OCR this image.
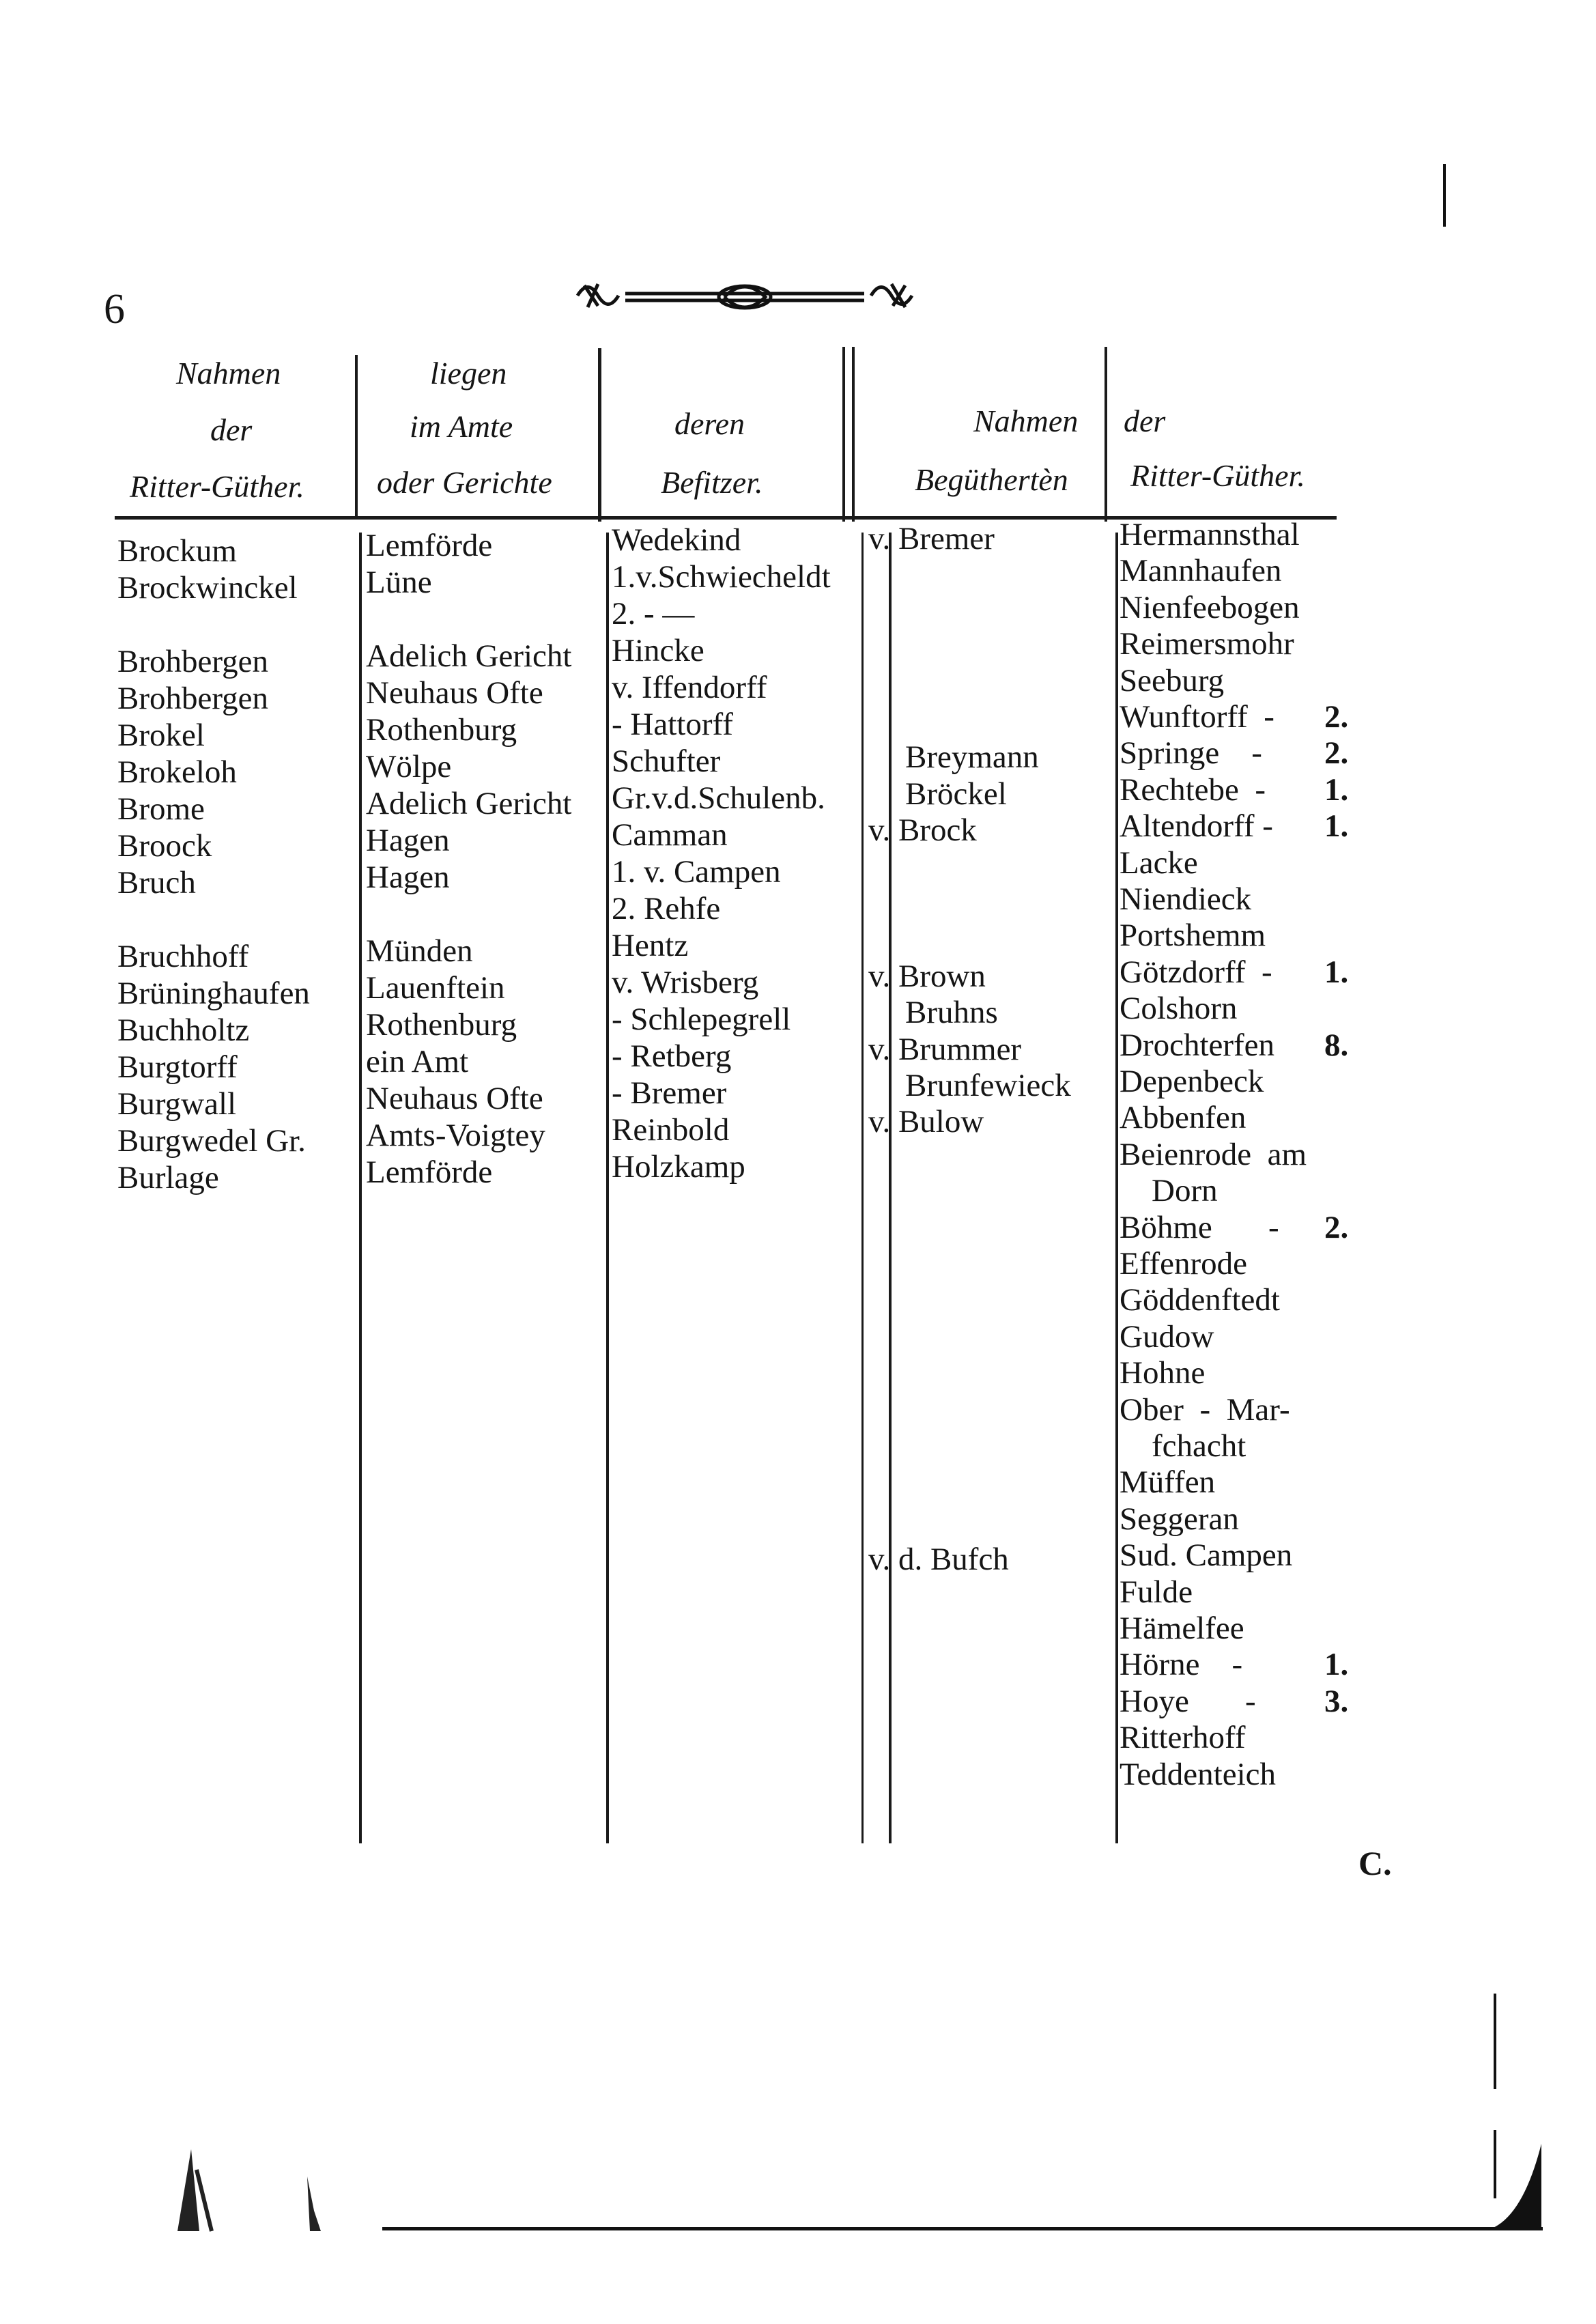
6
Nahmen
der
Ritter-Güther.
liegen
im Amte
oder Gerichte
deren
Befitzer.
Nahmen
Begüthertèn
der
Ritter-Güther.
Brockum
Brockwinckel
Brohbergen
Brohbergen
Brokel
Brokeloh
Brome
Broock
Bruch
Bruchhoff
Brüninghaufen
Buchholtz
Burgtorff
Burgwall
Burgwedel Gr.
Burlage
Lemförde
Lüne
Adelich Gericht
Neuhaus Ofte
Rothenburg
Wölpe
Adelich Gericht
Hagen
Hagen
Münden
Lauenftein
Rothenburg
ein Amt
Neuhaus Ofte
Amts-Voigtey
Lemförde
Wedekind
1.v.Schwiecheldt
2. - —
Hincke
v. Iffendorff
- Hattorff
Schufter
Gr.v.d.Schulenb.
Camman
1. v. Campen
2. Rehfe
Hentz
v. Wrisberg
- Schlepegrell
- Retberg
- Bremer
Reinbold
Holzkamp
v. Bremer
Breymann
Bröckel
v. Brock
v. Brown
Bruhns
v. Brummer
Brunfewieck
v. Bulow
v. d. Bufch
Hermannsthal
Mannhaufen
Nienfeebogen
Reimersmohr
Seeburg
Wunftorff  - 2.
Springe    - 2.
Rechtebe  - 1.
Altendorff - 1.
Lacke
Niendieck
Portshemm
Götzdorff  - 1.
Colshorn
Drochterfen 8.
Depenbeck
Abbenfen
Beienrode  am
Dorn
Böhme       - 2.
Effenrode
Göddenftedt
Gudow
Hohne
Ober  -  Mar-
fchacht
Müffen
Seggeran
Sud. Campen
Fulde
Hämelfee
Hörne    -	1.
Hoye       - 3.
Ritterhoff
Teddenteich
C.
